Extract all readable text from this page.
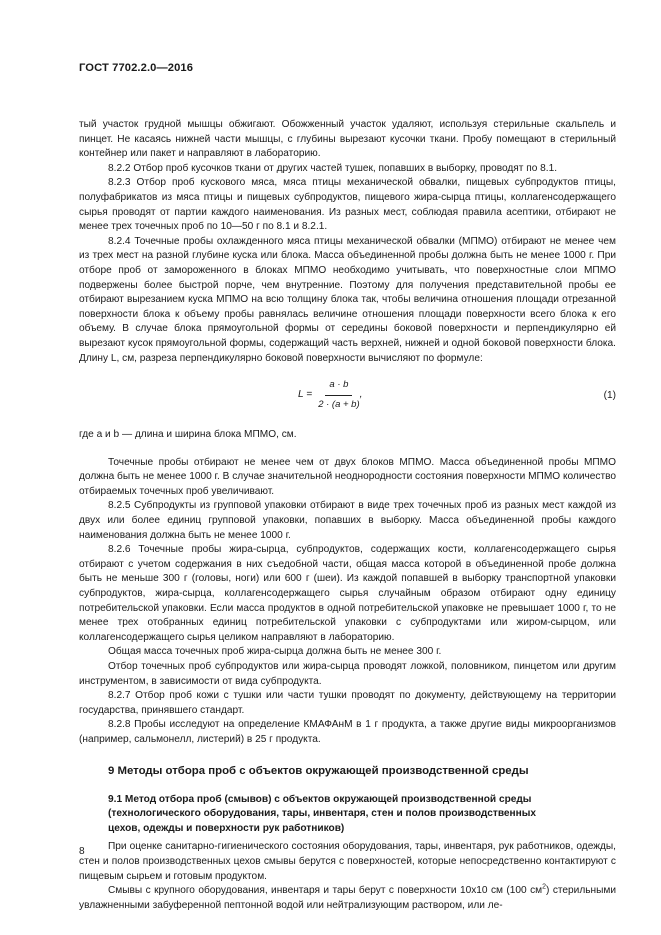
ГОСТ 7702.2.0—2016

тый участок грудной мышцы обжигают. Обожженный участок удаляют, используя стерильные скальпель и пинцет. Не касаясь нижней части мышцы, с глубины вырезают кусочки ткани. Пробу помещают в стерильный контейнер или пакет и направляют в лабораторию.

8.2.2 Отбор проб кусочков ткани от других частей тушек, попавших в выборку, проводят по 8.1.

8.2.3 Отбор проб кускового мяса, мяса птицы механической обвалки, пищевых субпродуктов птицы, полуфабрикатов из мяса птицы и пищевых субпродуктов, пищевого жира-сырца птицы, коллагенсодержащего сырья проводят от партии каждого наименования. Из разных мест, соблюдая правила асептики, отбирают не менее трех точечных проб по 10—50 г по 8.1 и 8.2.1.

8.2.4 Точечные пробы охлажденного мяса птицы механической обвалки (МПМО) отбирают не менее чем из трех мест на разной глубине куска или блока. Масса объединенной пробы должна быть не менее 1000 г. При отборе проб от замороженного в блоках МПМО необходимо учитывать, что поверхностные слои МПМО подвержены более быстрой порче, чем внутренние. Поэтому для получения представительной пробы ее отбирают вырезанием куска МПМО на всю толщину блока так, чтобы величина отношения площади отрезанной поверхности блока к объему пробы равнялась величине отношения площади поверхности всего блока к его объему. В случае блока прямоугольной формы от середины боковой поверхности и перпендикулярно ей вырезают кусок прямоугольной формы, содержащий часть верхней, нижней и одной боковой поверхности блока. Длину L, см, разреза перпендикулярно боковой поверхности вычисляют по формуле:

$L = \frac{a \cdot b}{2 \cdot (a + b)}$ ,	(1)

где a и b — длина и ширина блока МПМО, см.

Точечные пробы отбирают не менее чем от двух блоков МПМО. Масса объединенной пробы МПМО должна быть не менее 1000 г. В случае значительной неоднородности состояния поверхности МПМО количество отбираемых точечных проб увеличивают.

8.2.5 Субпродукты из групповой упаковки отбирают в виде трех точечных проб из разных мест каждой из двух или более единиц групповой упаковки, попавших в выборку. Масса объединенной пробы каждого наименования должна быть не менее 1000 г.

8.2.6 Точечные пробы жира-сырца, субпродуктов, содержащих кости, коллагенсодержащего сырья отбирают с учетом содержания в них съедобной части, общая масса которой в объединенной пробе должна быть не меньше 300 г (головы, ноги) или 600 г (шеи). Из каждой попавшей в выборку транспортной упаковки субпродуктов, жира-сырца, коллагенсодержащего сырья случайным образом отбирают одну единицу потребительской упаковки. Если масса продуктов в одной потребительской упаковке не превышает 1000 г, то не менее трех отобранных единиц потребительской упаковки с субпродуктами или жиром-сырцом, или коллагенсодержащего сырья целиком направляют в лабораторию.

Общая масса точечных проб жира-сырца должна быть не менее 300 г.

Отбор точечных проб субпродуктов или жира-сырца проводят ложкой, половником, пинцетом или другим инструментом, в зависимости от вида субпродукта.

8.2.7 Отбор проб кожи с тушки или части тушки проводят по документу, действующему на территории государства, принявшего стандарт.

8.2.8 Пробы исследуют на определение КМАФАнМ в 1 г продукта, а также другие виды микроорганизмов (например, сальмонелл, листерий) в 25 г продукта.

9 Методы отбора проб с объектов окружающей производственной среды
9.1 Метод отбора проб (смывов) с объектов окружающей производственной среды
(технологического оборудования, тары, инвентаря, стен и полов производственных
цехов, одежды и поверхности рук работников)

При оценке санитарно-гигиенического состояния оборудования, тары, инвентаря, рук работников, одежды, стен и полов производственных цехов смывы берутся с поверхностей, которые непосредственно контактируют с пищевым сырьем и готовым продуктом.

Смывы с крупного оборудования, инвентаря и тары берут с поверхности 10х10 см (100 $см^2$) стерильными увлажненными забуференной пептонной водой или нейтрализующим раствором, или ле-

8
